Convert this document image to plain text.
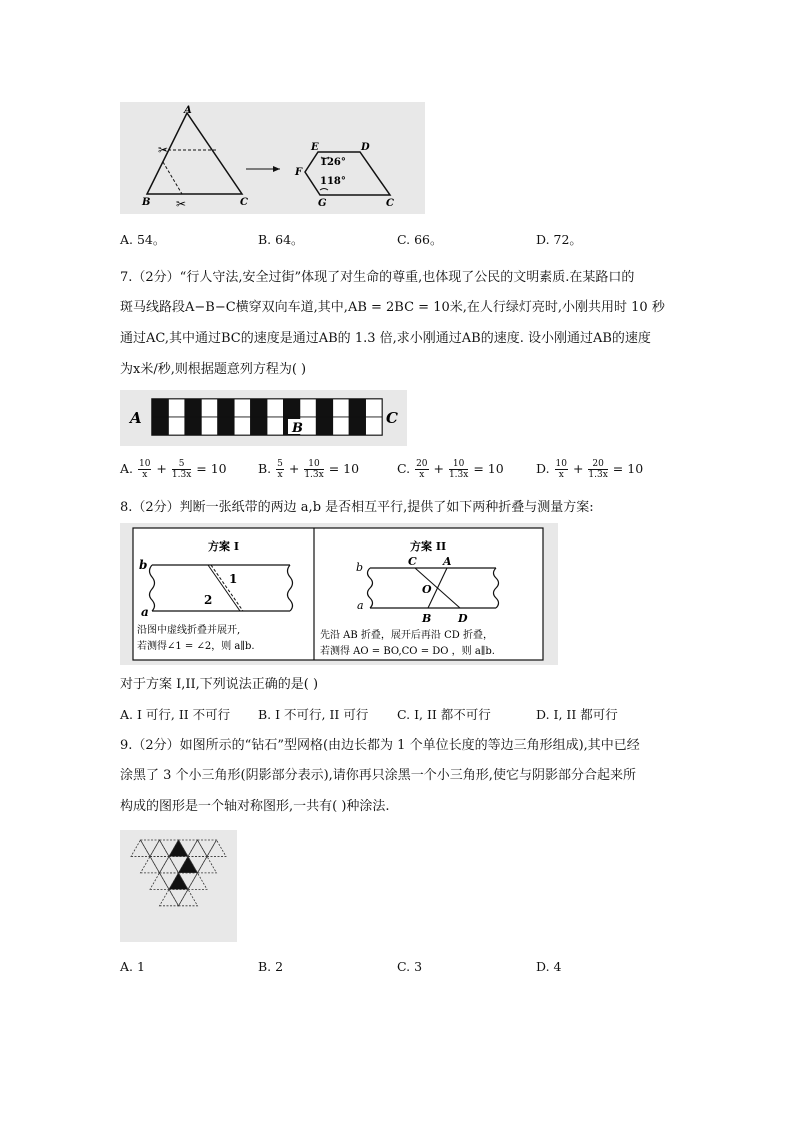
✂
✂
A
B	C
E	D
F
G	C
126°
118°
A. 54。	B. 64。	C. 66。	D. 72。
7.（2分）“行人守法,安全过街”体现了对生命的尊重,也体现了公民的文明素质.在某路口的
斑马线路段A−B−C横穿双向车道,其中,AB = 2BC = 10米,在人行绿灯亮时,小刚共用时 10 秒
通过AC,其中通过BC的速度是通过AB的 1.3 倍,求小刚通过AB的速度. 设小刚通过AB的速度
为x米/秒,则根据题意列方程为( )
A	C
B
A. $\frac{10}{x} + \frac{5}{1.3x} = 10$	B. $\frac{5}{x} + \frac{10}{1.3x} = 10$	C. $\frac{20}{x} + \frac{10}{1.3x} = 10$	D. $\frac{10}{x} + \frac{20}{1.3x} = 10$
8.（2分）判断一张纸带的两边 a,b 是否相互平行,提供了如下两种折叠与测量方案:
方案 I
b
a
1
2
沿图中虚线折叠并展开,
若测得∠1 = ∠2，则 a∥b.
方案 II
b
a
C A
O
B D
先沿 AB 折叠，展开后再沿 CD 折叠，
若测得 AO = BO,CO = DO ，则 a∥b.
对于方案 I,II,下列说法正确的是( )
A. I 可行, II 不可行 B. I 不可行, II 可行 C. I, II 都不可行	D. I, II 都可行
9.（2分）如图所示的“钻石”型网格(由边长都为 1 个单位长度的等边三角形组成),其中已经
涂黑了 3 个小三角形(阴影部分表示),请你再只涂黑一个小三角形,使它与阴影部分合起来所
构成的图形是一个轴对称图形,一共有( )种涂法.
A. 1	B. 2	C. 3	D. 4
